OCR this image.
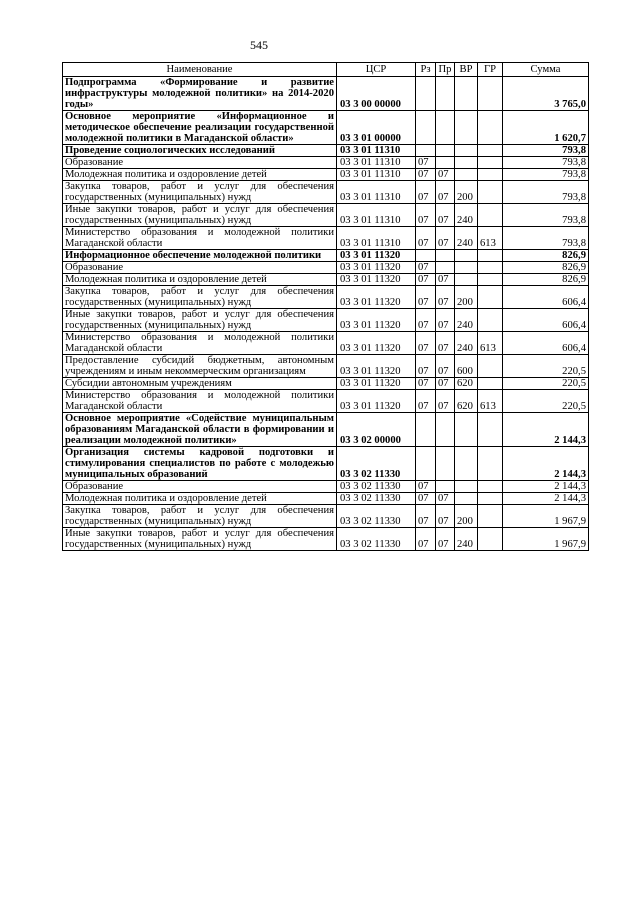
545
Наименование	ЦСР	Рз	Пр	ВР	ГР	Сумма
Подпрограмма «Формирование и развитие инфраструктуры молодежной политики» на 2014-2020 годы»	03 3 00 00000					3 765,0
Основное мероприятие «Информационное и методическое обеспечение реализации государственной молодежной политики в Магаданской области»	03 3 01 00000					1 620,7
Проведение социологических исследований	03 3 01 11310					793,8
Образование	03 3 01 11310	07				793,8
Молодежная политика и оздоровление детей	03 3 01 11310	07	07			793,8
Закупка товаров, работ и услуг для обеспечения государственных (муниципальных) нужд	03 3 01 11310	07	07	200		793,8
Иные закупки товаров, работ и услуг для обеспечения государственных (муниципальных) нужд	03 3 01 11310	07	07	240		793,8
Министерство образования и молодежной политики Магаданской области	03 3 01 11310	07	07	240	613	793,8
Информационное обеспечение молодежной политики	03 3 01 11320					826,9
Образование	03 3 01 11320	07				826,9
Молодежная политика и оздоровление детей	03 3 01 11320	07	07			826,9
Закупка товаров, работ и услуг для обеспечения государственных (муниципальных) нужд	03 3 01 11320	07	07	200		606,4
Иные закупки товаров, работ и услуг для обеспечения государственных (муниципальных) нужд	03 3 01 11320	07	07	240		606,4
Министерство образования и молодежной политики Магаданской области	03 3 01 11320	07	07	240	613	606,4
Предоставление субсидий бюджетным, автономным учреждениям и иным некоммерческим организациям	03 3 01 11320	07	07	600		220,5
Субсидии автономным учреждениям	03 3 01 11320	07	07	620		220,5
Министерство образования и молодежной политики Магаданской области	03 3 01 11320	07	07	620	613	220,5
Основное мероприятие «Содействие муниципальным образованиям Магаданской области в формировании и реализации молодежной политики»	03 3 02 00000					2 144,3
Организация системы кадровой подготовки и стимулирования специалистов по работе с молодежью муниципальных образований	03 3 02 11330					2 144,3
Образование	03 3 02 11330	07				2 144,3
Молодежная политика и оздоровление детей	03 3 02 11330	07	07			2 144,3
Закупка товаров, работ и услуг для обеспечения государственных (муниципальных) нужд	03 3 02 11330	07	07	200		1 967,9
Иные закупки товаров, работ и услуг для обеспечения государственных (муниципальных) нужд	03 3 02 11330	07	07	240		1 967,9
